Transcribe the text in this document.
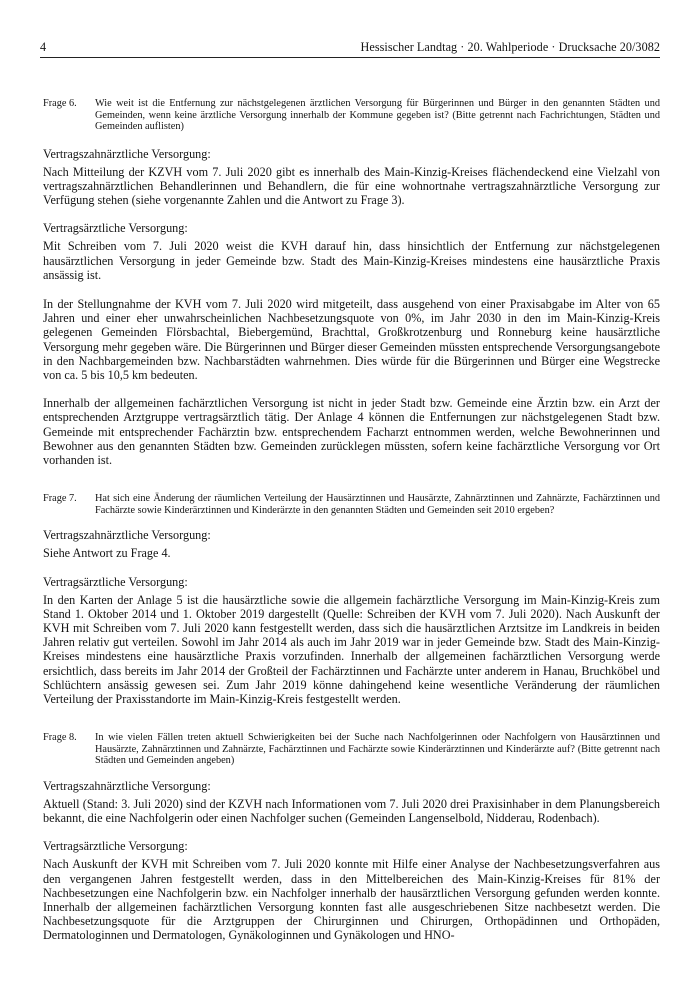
4	Hessischer Landtag · 20. Wahlperiode · Drucksache 20/3082
Frage 6.	Wie weit ist die Entfernung zur nächstgelegenen ärztlichen Versorgung für Bürgerinnen und Bürger in den genannten Städten und Gemeinden, wenn keine ärztliche Versorgung innerhalb der Kommune gegeben ist? (Bitte getrennt nach Fachrichtungen, Städten und Gemeinden auflisten)
Vertragszahnärztliche Versorgung:
Nach Mitteilung der KZVH vom 7. Juli 2020 gibt es innerhalb des Main-Kinzig-Kreises flächendeckend eine Vielzahl von vertragszahnärztlichen Behandlerinnen und Behandlern, die für eine wohnortnahe vertragszahnärztliche Versorgung zur Verfügung stehen (siehe vorgenannte Zahlen und die Antwort zu Frage 3).
Vertragsärztliche Versorgung:
Mit Schreiben vom 7. Juli 2020 weist die KVH darauf hin, dass hinsichtlich der Entfernung zur nächstgelegenen hausärztlichen Versorgung in jeder Gemeinde bzw. Stadt des Main-Kinzig-Kreises mindestens eine hausärztliche Praxis ansässig ist.
In der Stellungnahme der KVH vom 7. Juli 2020 wird mitgeteilt, dass ausgehend von einer Praxisabgabe im Alter von 65 Jahren und einer eher unwahrscheinlichen Nachbesetzungsquote von 0%, im Jahr 2030 in den im Main-Kinzig-Kreis gelegenen Gemeinden Flörsbachtal, Biebergemünd, Brachttal, Großkrotzenburg und Ronneburg keine hausärztliche Versorgung mehr gegeben wäre. Die Bürgerinnen und Bürger dieser Gemeinden müssten entsprechende Versorgungsangebote in den Nachbargemeinden bzw. Nachbarstädten wahrnehmen. Dies würde für die Bürgerinnen und Bürger eine Wegstrecke von ca. 5 bis 10,5 km bedeuten.
Innerhalb der allgemeinen fachärztlichen Versorgung ist nicht in jeder Stadt bzw. Gemeinde eine Ärztin bzw. ein Arzt der entsprechenden Arztgruppe vertragsärztlich tätig. Der Anlage 4 können die Entfernungen zur nächstgelegenen Stadt bzw. Gemeinde mit entsprechender Fachärztin bzw. entsprechendem Facharzt entnommen werden, welche Bewohnerinnen und Bewohner aus den genannten Städten bzw. Gemeinden zurücklegen müssten, sofern keine fachärztliche Versorgung vor Ort vorhanden ist.
Frage 7.	Hat sich eine Änderung der räumlichen Verteilung der Hausärztinnen und Hausärzte, Zahnärztinnen und Zahnärzte, Fachärztinnen und Fachärzte sowie Kinderärztinnen und Kinderärzte in den genannten Städten und Gemeinden seit 2010 ergeben?
Vertragszahnärztliche Versorgung:
Siehe Antwort zu Frage 4.
Vertragsärztliche Versorgung:
In den Karten der Anlage 5 ist die hausärztliche sowie die allgemein fachärztliche Versorgung im Main-Kinzig-Kreis zum Stand 1. Oktober 2014 und 1. Oktober 2019 dargestellt (Quelle: Schreiben der KVH vom 7. Juli 2020). Nach Auskunft der KVH mit Schreiben vom 7. Juli 2020 kann festgestellt werden, dass sich die hausärztlichen Arztsitze im Landkreis in beiden Jahren relativ gut verteilen. Sowohl im Jahr 2014 als auch im Jahr 2019 war in jeder Gemeinde bzw. Stadt des Main-Kinzig-Kreises mindestens eine hausärztliche Praxis vorzufinden. Innerhalb der allgemeinen fachärztlichen Versorgung werde ersichtlich, dass bereits im Jahr 2014 der Großteil der Fachärztinnen und Fachärzte unter anderem in Hanau, Bruchköbel und Schlüchtern ansässig gewesen sei. Zum Jahr 2019 könne dahingehend keine wesentliche Veränderung der räumlichen Verteilung der Praxisstandorte im Main-Kinzig-Kreis festgestellt werden.
Frage 8.	In wie vielen Fällen treten aktuell Schwierigkeiten bei der Suche nach Nachfolgerinnen oder Nachfolgern von Hausärztinnen und Hausärzte, Zahnärztinnen und Zahnärzte, Fachärztinnen und Fachärzte sowie Kinderärztinnen und Kinderärzte auf? (Bitte getrennt nach Städten und Gemeinden angeben)
Vertragszahnärztliche Versorgung:
Aktuell (Stand: 3. Juli 2020) sind der KZVH nach Informationen vom 7. Juli 2020 drei Praxisinhaber in dem Planungsbereich bekannt, die eine Nachfolgerin oder einen Nachfolger suchen (Gemeinden Langenselbold, Nidderau, Rodenbach).
Vertragsärztliche Versorgung:
Nach Auskunft der KVH mit Schreiben vom 7. Juli 2020 konnte mit Hilfe einer Analyse der Nachbesetzungsverfahren aus den vergangenen Jahren festgestellt werden, dass in den Mittelbereichen des Main-Kinzig-Kreises für 81% der Nachbesetzungen eine Nachfolgerin bzw. ein Nachfolger innerhalb der hausärztlichen Versorgung gefunden werden konnte. Innerhalb der allgemeinen fachärztlichen Versorgung konnten fast alle ausgeschriebenen Sitze nachbesetzt werden. Die Nachbesetzungsquote für die Arztgruppen der Chirurginnen und Chirurgen, Orthopädinnen und Orthopäden, Dermatologinnen und Dermatologen, Gynäkologinnen und Gynäkologen und HNO-
